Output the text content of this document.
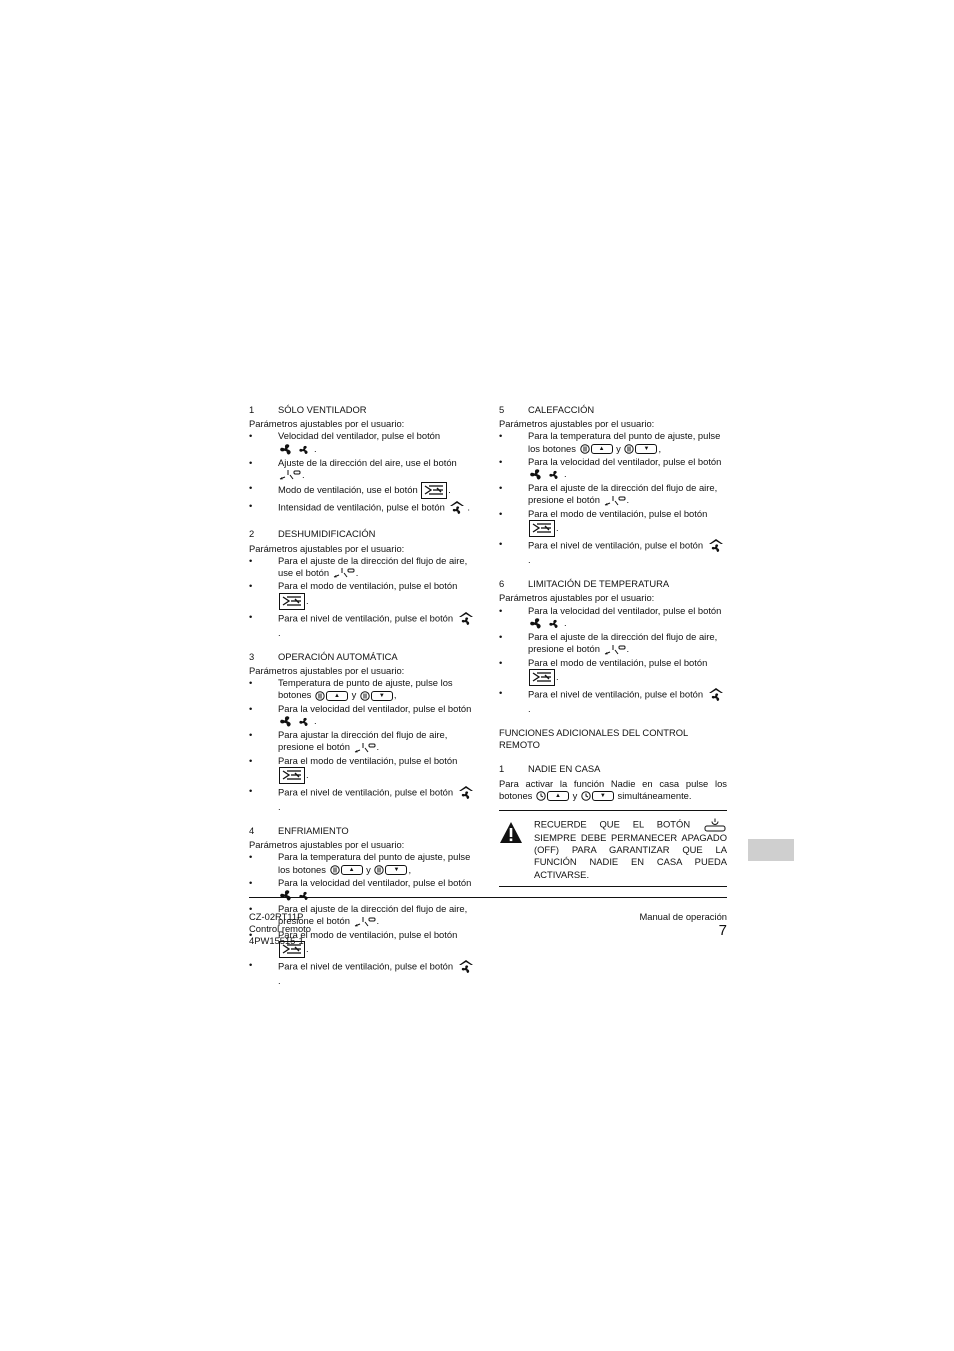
1	SÓLO VENTILADOR
Parámetros ajustables por el usuario:
• Velocidad del ventilador, pulse el botón
.
• Ajuste de la dirección del aire, use el botón
.
• Modo de ventilación, use el botón	.
• Intensidad de ventilación, pulse el botón .
2	DESHUMIDIFICACIÓN
Parámetros ajustables por el usuario:
• Para el ajuste de la dirección del flujo de aire, use el botón	.
• Para el modo de ventilación, pulse el botón
.
• Para el nivel de ventilación, pulse el botón
.
3	OPERACIÓN AUTOMÁTICA
Parámetros ajustables por el usuario:
• Temperatura de punto de ajuste, pulse los botones	▲	y	▼ ,
• Para la velocidad del ventilador, pulse el botón
.
• Para ajustar la dirección del flujo de aire, presione el botón	.
• Para el modo de ventilación, pulse el botón
.
• Para el nivel de ventilación, pulse el botón
.
4	ENFRIAMIENTO
Parámetros ajustables por el usuario:
• Para la temperatura del punto de ajuste, pulse los botones	▲	y	▼ ,
• Para la velocidad del ventilador, pulse el botón
.
• Para el ajuste de la dirección del flujo de aire, presione el botón	.
• Para el modo de ventilación, pulse el botón
.
• Para el nivel de ventilación, pulse el botón
.
5	CALEFACCIÓN
Parámetros ajustables por el usuario:
• Para la temperatura del punto de ajuste, pulse los botones	▲	y	▼ ,
• Para la velocidad del ventilador, pulse el botón
.
• Para el ajuste de la dirección del flujo de aire, presione el botón	.
• Para el modo de ventilación, pulse el botón
.
• Para el nivel de ventilación, pulse el botón
.
6	LIMITACIÓN DE TEMPERATURA
Parámetros ajustables por el usuario:
• Para la velocidad del ventilador, pulse el botón
.
• Para el ajuste de la dirección del flujo de aire, presione el botón	.
• Para el modo de ventilación, pulse el botón
.
• Para el nivel de ventilación, pulse el botón
.
FUNCIONES ADICIONALES DEL CONTROL REMOTO
1	NADIE EN CASA
Para activar la función Nadie en casa pulse los botones	▲	y	▼	simultáneamente.
RECUERDE QUE EL BOTÓN
SIEMPRE DEBE PERMANECER APAGADO (OFF) PARA GARANTIZAR QUE LA FUNCIÓN NADIE EN CASA PUEDA ACTIVARSE.
CZ-02RT11P
Control remoto
4PW15515-1
Manual de operación
7
